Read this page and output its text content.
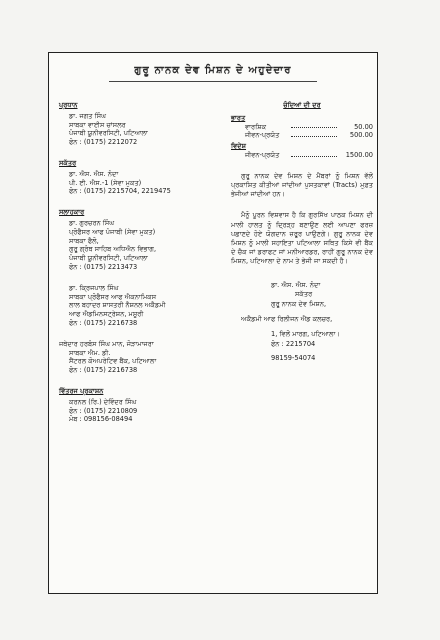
ਗੁਰੂ ਨਾਨਕ ਦੇਵ ਮਿਸ਼ਨ ਦੇ ਅਹੁਦੇਦਾਰ
ਪ੍ਰਧਾਨ
ਡਾ. ਜਗਤ ਸਿੰਘ
ਸਾਬਕਾ ਵਾਈਸ ਚਾਂਸਲਰ
ਪੰਜਾਬੀ ਯੂਨੀਵਰਸਿਟੀ, ਪਟਿਆਲਾ
ਫੋਨ : (0175) 2212072
ਸਕੱਤਰ
ਡਾ. ਐਸ. ਐਸ. ਨੰਦਾ
ਪੀ. ਈ. ਐਸ.-1 (ਸੇਵਾ ਮੁਕਤ)
ਫੋਨ : (0175) 2215704, 2219475
ਸਲਾਹਕਾਰ
ਡਾ. ਗੁਰਚਰਨ ਸਿੰਘ
ਪ੍ਰੋਫੈਸਰ ਆਫ ਪੰਜਾਬੀ (ਸੇਵਾ ਮੁਕਤ)
ਸਾਬਕਾ ਫੈਲੋ,
ਗੁਰੂ ਗ੍ਰੰਥ ਸਾਹਿਬ ਅਧਿਐਨ ਵਿਭਾਗ,
ਪੰਜਾਬੀ ਯੂਨੀਵਰਸਿਟੀ, ਪਟਿਆਲਾ
ਫੋਨ : (0175) 2213473
ਡਾ. ਕ੍ਰਿਜਪਾਲ ਸਿੰਘ
ਸਾਬਕਾ ਪ੍ਰੋਫੈਸਰ ਆਫ ਐਕਨਾਮਿਕਸ
ਲਾਲ ਬਹਾਦਰ ਸ਼ਾਸਤਰੀ ਨੈਸ਼ਨਲ ਅਕੈਡਮੀ
ਆਫ ਐਡਮਿਨਸਟ੍ਰੇਸ਼ਨ, ਮਸੂਰੀ
ਫੋਨ : (0175) 2216738
ਜਥੇਦਾਰ ਹਰਬੰਸ ਸਿੰਘ ਮਾਨ, ਜੋੜਾਮਾਜਰਾ
ਸਾਬਕਾ ਐਮ. ਡੀ.
ਸੈਂਟਰਲ ਕੋਅਪਰੇਟਿਵ ਬੈਂਕ, ਪਟਿਆਲਾ
ਫੋਨ : (0175) 2216738
ਵਿੱਤਰਜ ਪ੍ਰਕਾਸ਼ਨ
ਕਰਨਲ (ਰਿ.) ਦੇਵਿੰਦਰ ਸਿੰਘ
ਫੋਨ : (0175) 2210809
ਮੋਬ : 098156-08494
ਚੰਦਿਆਂ ਦੀ ਦਰ
ਭਾਰਤ
ਵਾਰਸ਼ਿਕ	50.00
ਜੀਵਨ-ਪ੍ਰਯੰਤ	500.00
ਵਿਦੇਸ਼
ਜੀਵਨ-ਪ੍ਰਯੰਤ	1500.00
ਗੁਰੂ ਨਾਨਕ ਦੇਵ ਮਿਸ਼ਨ ਦੇ ਮੈਂਬਰਾਂ ਨੂੰ ਮਿਸ਼ਨ ਵੱਲੋਂ ਪ੍ਰਕਾਸ਼ਿਤ ਕੀਤੀਆਂ ਜਾਂਦੀਆਂ ਪੁਸਤਕਾਵਾਂ (Tracts) ਮੁਫ਼ਤ ਭੇਜੀਆਂ ਜਾਂਦੀਆਂ ਹਨ।
ਮੈਨੂੰ ਪੂਰਨ ਵਿਸ਼ਵਾਸ ਹੈ ਕਿ ਗੁਰਸਿੱਖ ਪਾਠਕ ਮਿਸ਼ਨ ਦੀ ਮਾਲੀ ਹਾਲਤ ਨੂੰ ਦ੍ਰਿੜ੍ਹ ਬਣਾਉਣ ਲਈ ਆਪਣਾ ਫਰਜ਼ ਪਛਾਣਦੇ ਹੋਏ ਯੋਗਦਾਨ ਜ਼ਰੂਰ ਪਾਉਣਗੇ। ਗੁਰੂ ਨਾਨਕ ਦੇਵ ਮਿਸ਼ਨ ਨੂੰ ਮਾਲੀ ਸਹਾਇਤਾ ਪਟਿਆਲਾ ਸਥਿਤ ਕਿਸੇ ਵੀ ਬੈਂਕ ਦੇ ਚੈਕ ਜਾਂ ਡਰਾਫਟ ਜਾਂ ਮਨੀਆਰਡਰ, ਰਾਹੀਂ ਗੁਰੂ ਨਾਨਕ ਦੇਵ ਮਿਸ਼ਨ, ਪਟਿਆਲਾ ਦੇ ਨਾਮ ਤੇ ਭੇਜੀ ਜਾ ਸਕਦੀ ਹੈ।
ਡਾ. ਐਸ. ਐਸ. ਨੰਦਾ
ਸਕੱਤਰ
ਗੁਰੂ ਨਾਨਕ ਦੇਵ ਮਿਸ਼ਨ,
ਅਕੈਡਮੀ ਆਫ ਰਿਲੀਜਨ ਐਂਡ ਕਲਚਰ,
1, ਵਿਲੋਂ ਮਾਰਗ, ਪਟਿਆਲਾ।
ਫੋਨ : 2215704
98159-54074
